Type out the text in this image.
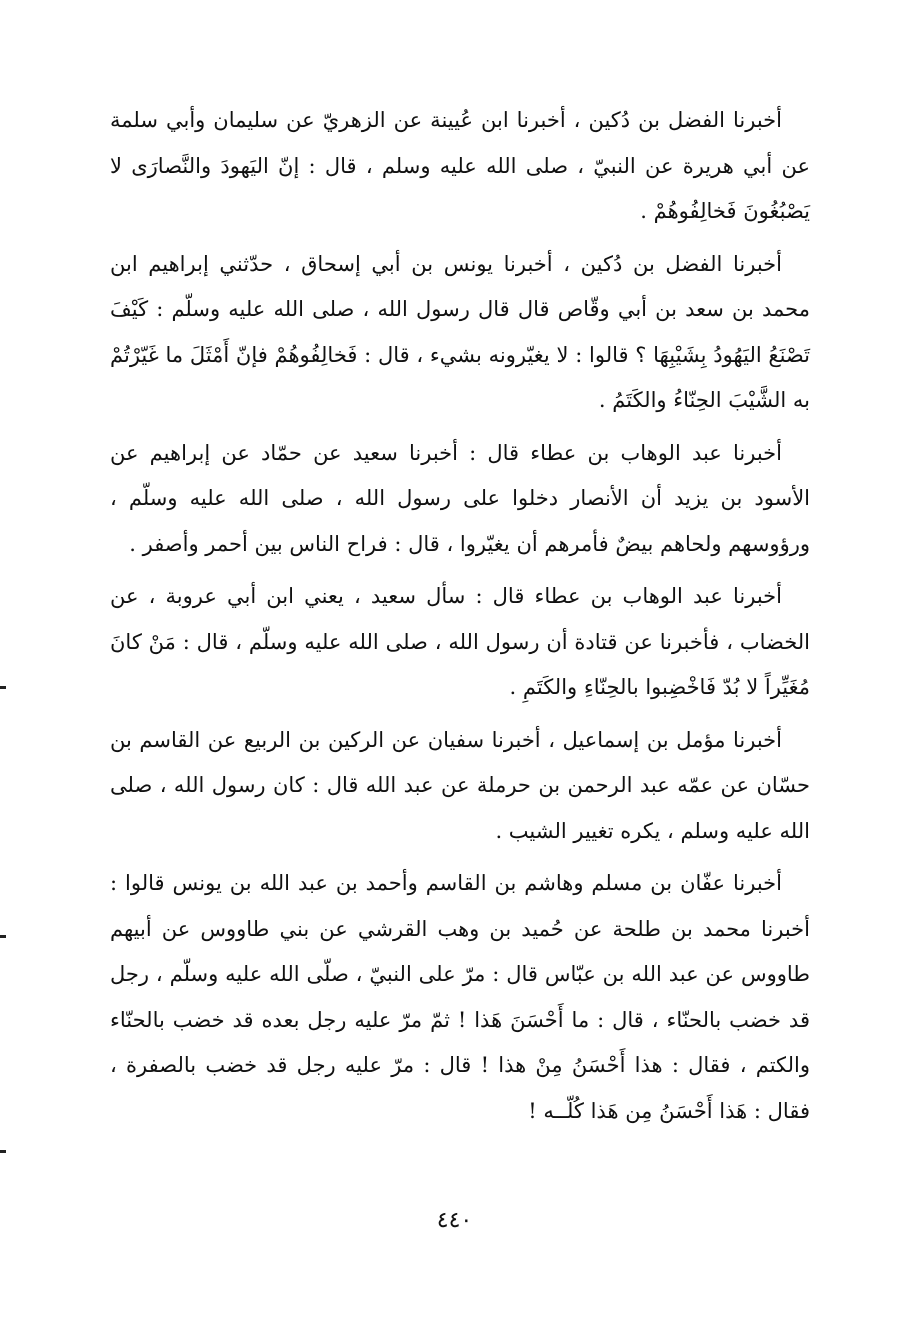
أخبرنا الفضل بن دُكين ، أخبرنا ابن عُيينة عن الزهريّ عن سليمان وأبي سلمة عن أبي هريرة عن النبيّ ، صلى الله عليه وسلم ، قال : إنّ اليَهودَ والنَّصارَى لا يَصْبُغُونَ فَخالِفُوهُمْ .

أخبرنا الفضل بن دُكين ، أخبرنا يونس بن أبي إسحاق ، حدّثني إبراهيم ابن محمد بن سعد بن أبي وقّاص قال قال رسول الله ، صلى الله عليه وسلّم : كَيْفَ تَصْنَعُ اليَهُودُ بِشَيْبِهَا ؟ قالوا : لا يغيّرونه بشيء ، قال : فَخالِفُوهُمْ فإنّ أَمْثَلَ ما غَيّرْتُمْ به الشَّيْبَ الحِنّاءُ والكَتَمُ .

أخبرنا عبد الوهاب بن عطاء قال : أخبرنا سعيد عن حمّاد عن إبراهيم عن الأسود بن يزيد أن الأنصار دخلوا على رسول الله ، صلى الله عليه وسلّم ، ورؤوسهم ولحاهم بيضٌ فأمرهم أن يغيّروا ، قال : فراح الناس بين أحمر وأصفر .

أخبرنا عبد الوهاب بن عطاء قال : سأل سعيد ، يعني ابن أبي عروبة ، عن الخضاب ، فأخبرنا عن قتادة أن رسول الله ، صلى الله عليه وسلّم ، قال : مَنْ كانَ مُغَيِّراً لا بُدّ فَاخْضِبوا بالحِنّاءِ والكَتَمِ .

أخبرنا مؤمل بن إسماعيل ، أخبرنا سفيان عن الركين بن الربيع عن القاسم بن حسّان عن عمّه عبد الرحمن بن حرملة عن عبد الله قال : كان رسول الله ، صلى الله عليه وسلم ، يكره تغيير الشيب .

أخبرنا عفّان بن مسلم وهاشم بن القاسم وأحمد بن عبد الله بن يونس قالوا : أخبرنا محمد بن طلحة عن حُميد بن وهب القرشي عن بني طاووس عن أبيهم طاووس عن عبد الله بن عبّاس قال : مرّ على النبيّ ، صلّى الله عليه وسلّم ، رجل قد خضب بالحنّاء ، قال : ما أَحْسَنَ هَذا ! ثمّ مرّ عليه رجل بعده قد خضب بالحنّاء والكتم ، فقال : هذا أَحْسَنُ مِنْ هذا ! قال : مرّ عليه رجل قد خضب بالصفرة ، فقال : هَذا أَحْسَنُ مِن هَذا كُلّــه !

٤٤٠
